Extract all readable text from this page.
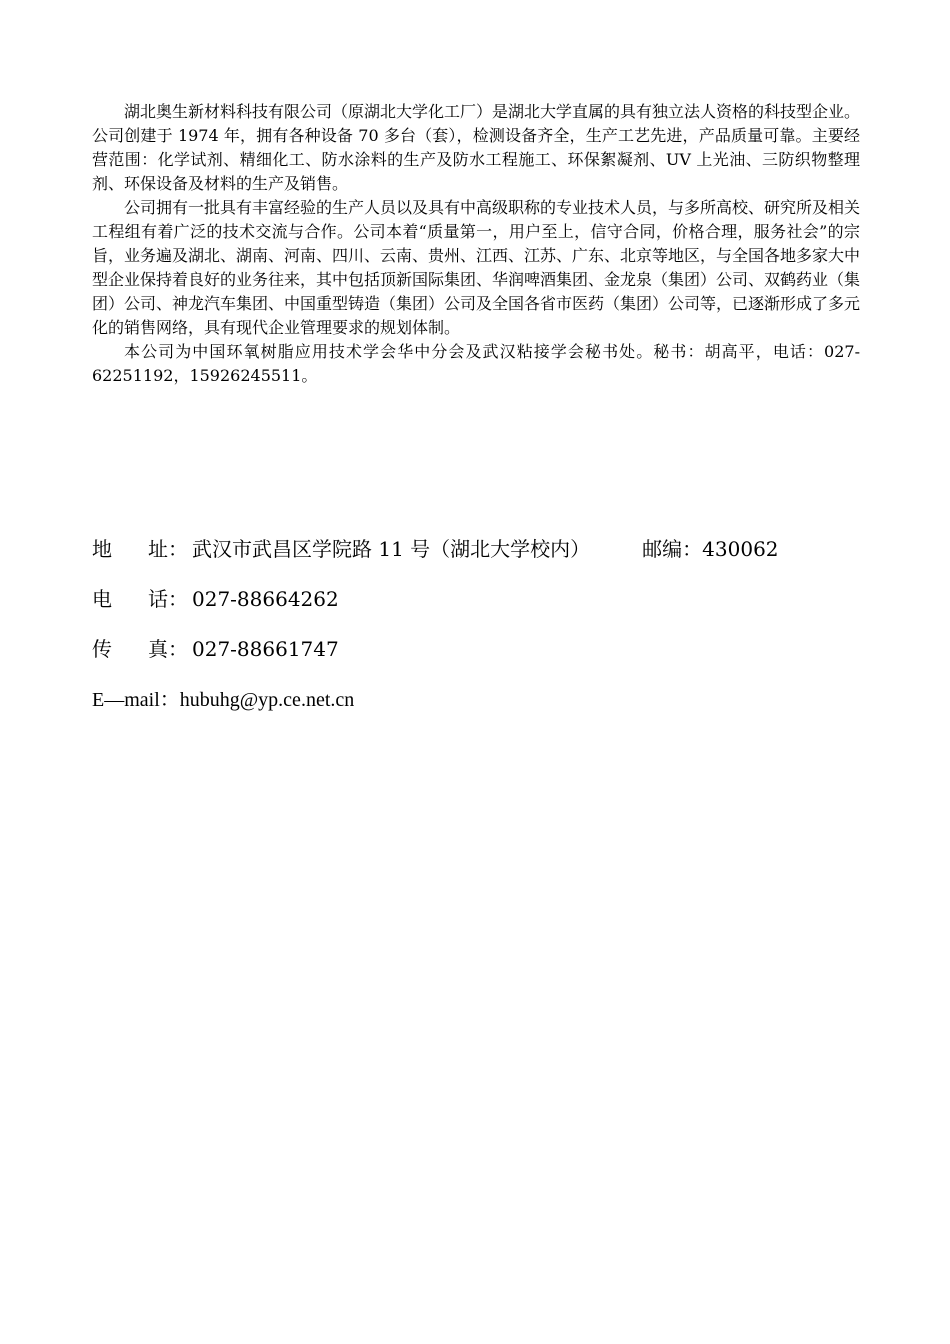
湖北奥生新材料科技有限公司（原湖北大学化工厂）是湖北大学直属的具有独立法人资格的科技型企业。公司创建于 1974 年，拥有各种设备 70 多台（套），检测设备齐全，生产工艺先进，产品质量可靠。主要经营范围：化学试剂、精细化工、防水涂料的生产及防水工程施工、环保絮凝剂、UV 上光油、三防织物整理剂、环保设备及材料的生产及销售。

公司拥有一批具有丰富经验的生产人员以及具有中高级职称的专业技术人员，与多所高校、研究所及相关工程组有着广泛的技术交流与合作。公司本着“质量第一，用户至上，信守合同，价格合理，服务社会”的宗旨，业务遍及湖北、湖南、河南、四川、云南、贵州、江西、江苏、广东、北京等地区，与全国各地多家大中型企业保持着良好的业务往来，其中包括顶新国际集团、华润啤酒集团、金龙泉（集团）公司、双鹤药业（集团）公司、神龙汽车集团、中国重型铸造（集团）公司及全国各省市医药（集团）公司等，已逐渐形成了多元化的销售网络，具有现代企业管理要求的规划体制。

本公司为中国环氧树脂应用技术学会华中分会及武汉粘接学会秘书处。秘书：胡高平，电话：027-62251192，15926245511。

地 址： 武汉市武昌区学院路 11 号（湖北大学校内）	邮编：430062
电 话： 027-88664262
传 真： 027-88661747
E—mail：hubuhg@yp.ce.net.cn
